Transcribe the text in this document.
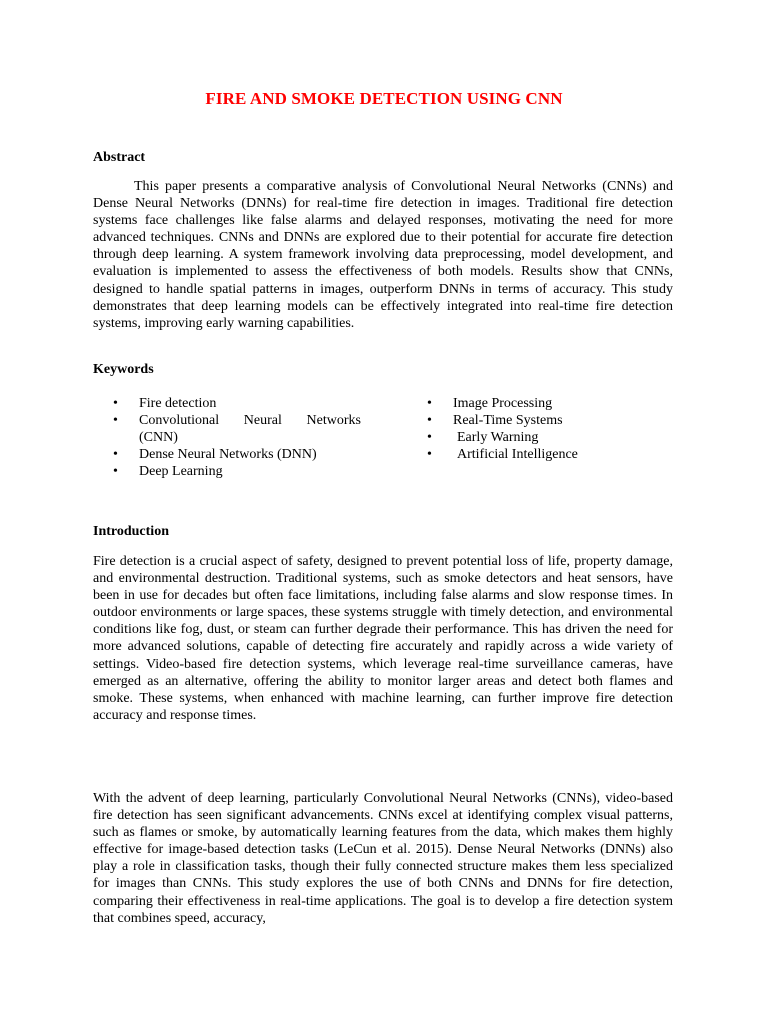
FIRE AND SMOKE DETECTION USING CNN
Abstract

This paper presents a comparative analysis of Convolutional Neural Networks (CNNs) and Dense Neural Networks (DNNs) for real-time fire detection in images. Traditional fire detection systems face challenges like false alarms and delayed responses, motivating the need for more advanced techniques. CNNs and DNNs are explored due to their potential for accurate fire detection through deep learning. A system framework involving data preprocessing, model development, and evaluation is implemented to assess the effectiveness of both models. Results show that CNNs, designed to handle spatial patterns in images, outperform DNNs in terms of accuracy. This study demonstrates that deep learning models can be effectively integrated into real-time fire detection systems, improving early warning capabilities.

Keywords
• Fire detection
• Convolutional Neural Networks (CNN)
• Dense Neural Networks (DNN)
• Deep Learning
• Image Processing
• Real-Time Systems
• Early Warning
• Artificial Intelligence
Introduction

Fire detection is a crucial aspect of safety, designed to prevent potential loss of life, property damage, and environmental destruction. Traditional systems, such as smoke detectors and heat sensors, have been in use for decades but often face limitations, including false alarms and slow response times. In outdoor environments or large spaces, these systems struggle with timely detection, and environmental conditions like fog, dust, or steam can further degrade their performance. This has driven the need for more advanced solutions, capable of detecting fire accurately and rapidly across a wide variety of settings. Video-based fire detection systems, which leverage real-time surveillance cameras, have emerged as an alternative, offering the ability to monitor larger areas and detect both flames and smoke. These systems, when enhanced with machine learning, can further improve fire detection accuracy and response times.

With the advent of deep learning, particularly Convolutional Neural Networks (CNNs), video-based fire detection has seen significant advancements. CNNs excel at identifying complex visual patterns, such as flames or smoke, by automatically learning features from the data, which makes them highly effective for image-based detection tasks (LeCun et al. 2015). Dense Neural Networks (DNNs) also play a role in classification tasks, though their fully connected structure makes them less specialized for images than CNNs. This study explores the use of both CNNs and DNNs for fire detection, comparing their effectiveness in real-time applications. The goal is to develop a fire detection system that combines speed, accuracy,
